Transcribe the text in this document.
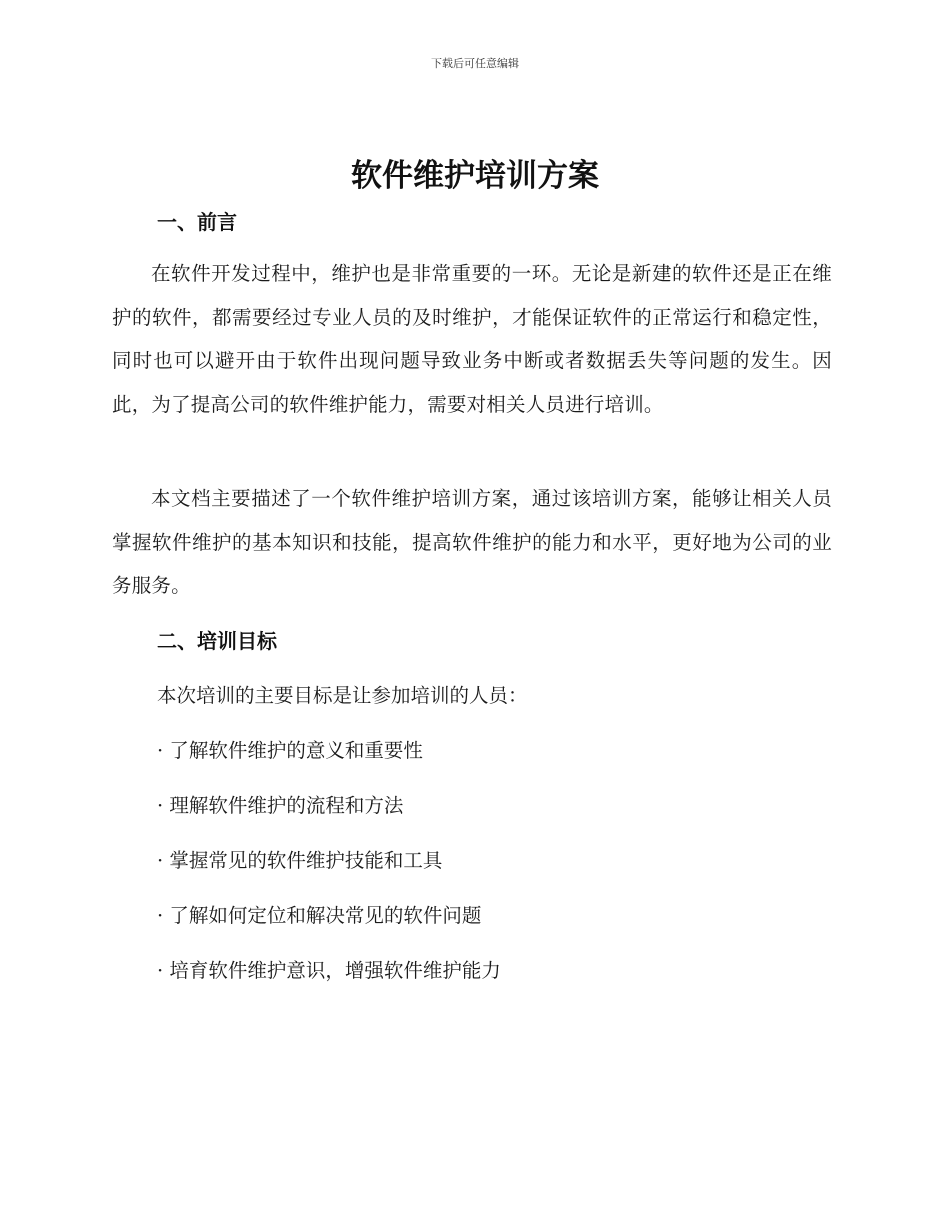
下载后可任意编辑
软件维护培训方案
一、前言

在软件开发过程中，维护也是非常重要的一环。无论是新建的软件还是正在维护的软件，都需要经过专业人员的及时维护，才能保证软件的正常运行和稳定性，同时也可以避开由于软件出现问题导致业务中断或者数据丢失等问题的发生。因此，为了提高公司的软件维护能力，需要对相关人员进行培训。

本文档主要描述了一个软件维护培训方案，通过该培训方案，能够让相关人员掌握软件维护的基本知识和技能，提高软件维护的能力和水平，更好地为公司的业务服务。

二、培训目标

本次培训的主要目标是让参加培训的人员：

· 了解软件维护的意义和重要性

· 理解软件维护的流程和方法

· 掌握常见的软件维护技能和工具

· 了解如何定位和解决常见的软件问题

· 培育软件维护意识，增强软件维护能力
